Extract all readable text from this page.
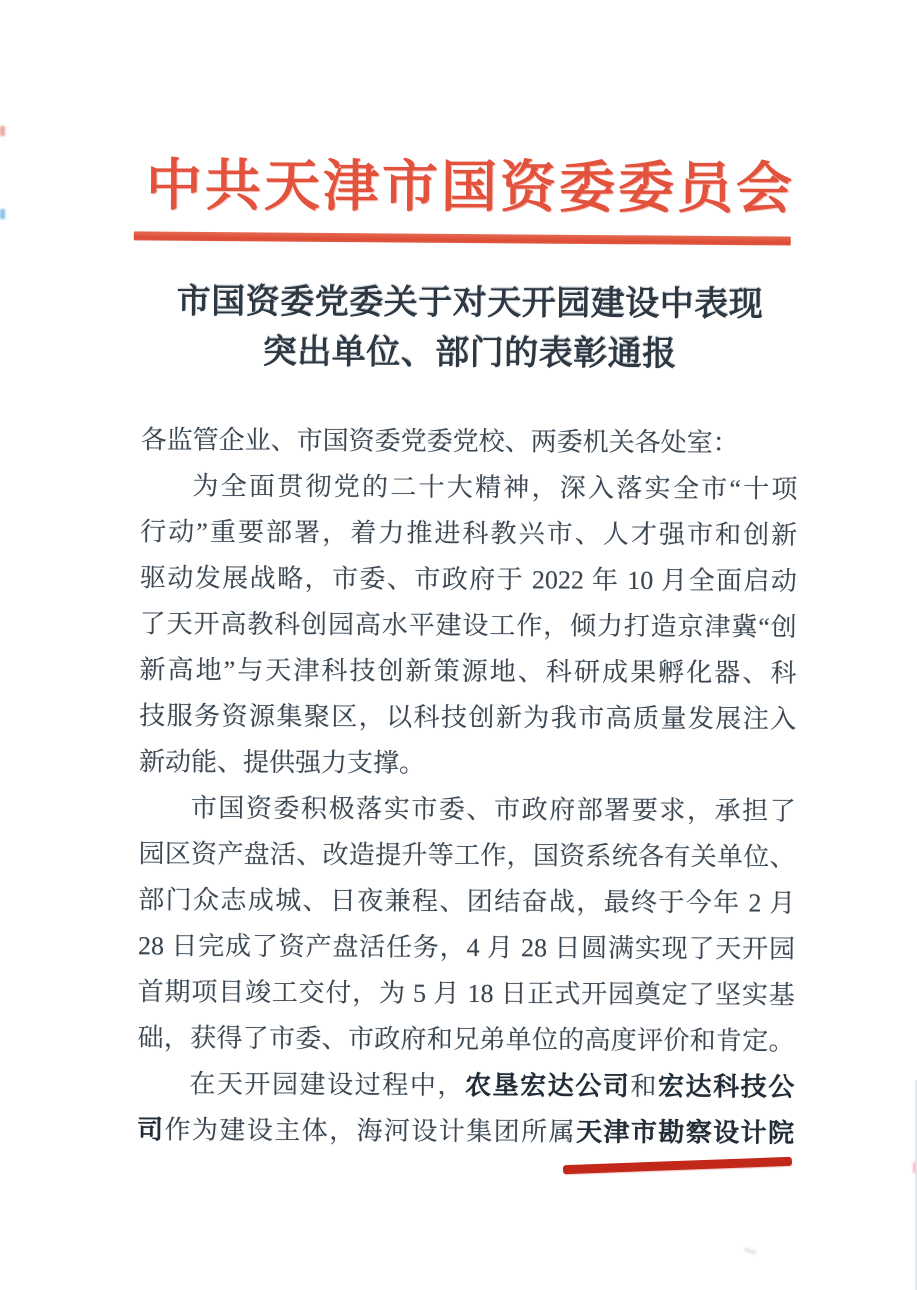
中共天津市国资委委员会
市国资委党委关于对天开园建设中表现
突出单位、部门的表彰通报
各监管企业、市国资委党委党校、两委机关各处室：
为全面贯彻党的二十大精神，深入落实全市“十项
行动”重要部署，着力推进科教兴市、人才强市和创新
驱动发展战略，市委、市政府于 2022 年 10 月全面启动
了天开高教科创园高水平建设工作，倾力打造京津冀“创
新高地”与天津科技创新策源地、科研成果孵化器、科
技服务资源集聚区，以科技创新为我市高质量发展注入
新动能、提供强力支撑。
市国资委积极落实市委、市政府部署要求，承担了
园区资产盘活、改造提升等工作，国资系统各有关单位、
部门众志成城、日夜兼程、团结奋战，最终于今年 2 月
28 日完成了资产盘活任务，4 月 28 日圆满实现了天开园
首期项目竣工交付，为 5 月 18 日正式开园奠定了坚实基
础，获得了市委、市政府和兄弟单位的高度评价和肯定。
在天开园建设过程中，农垦宏达公司和宏达科技公
司作为建设主体，海河设计集团所属天津市勘察设计院
